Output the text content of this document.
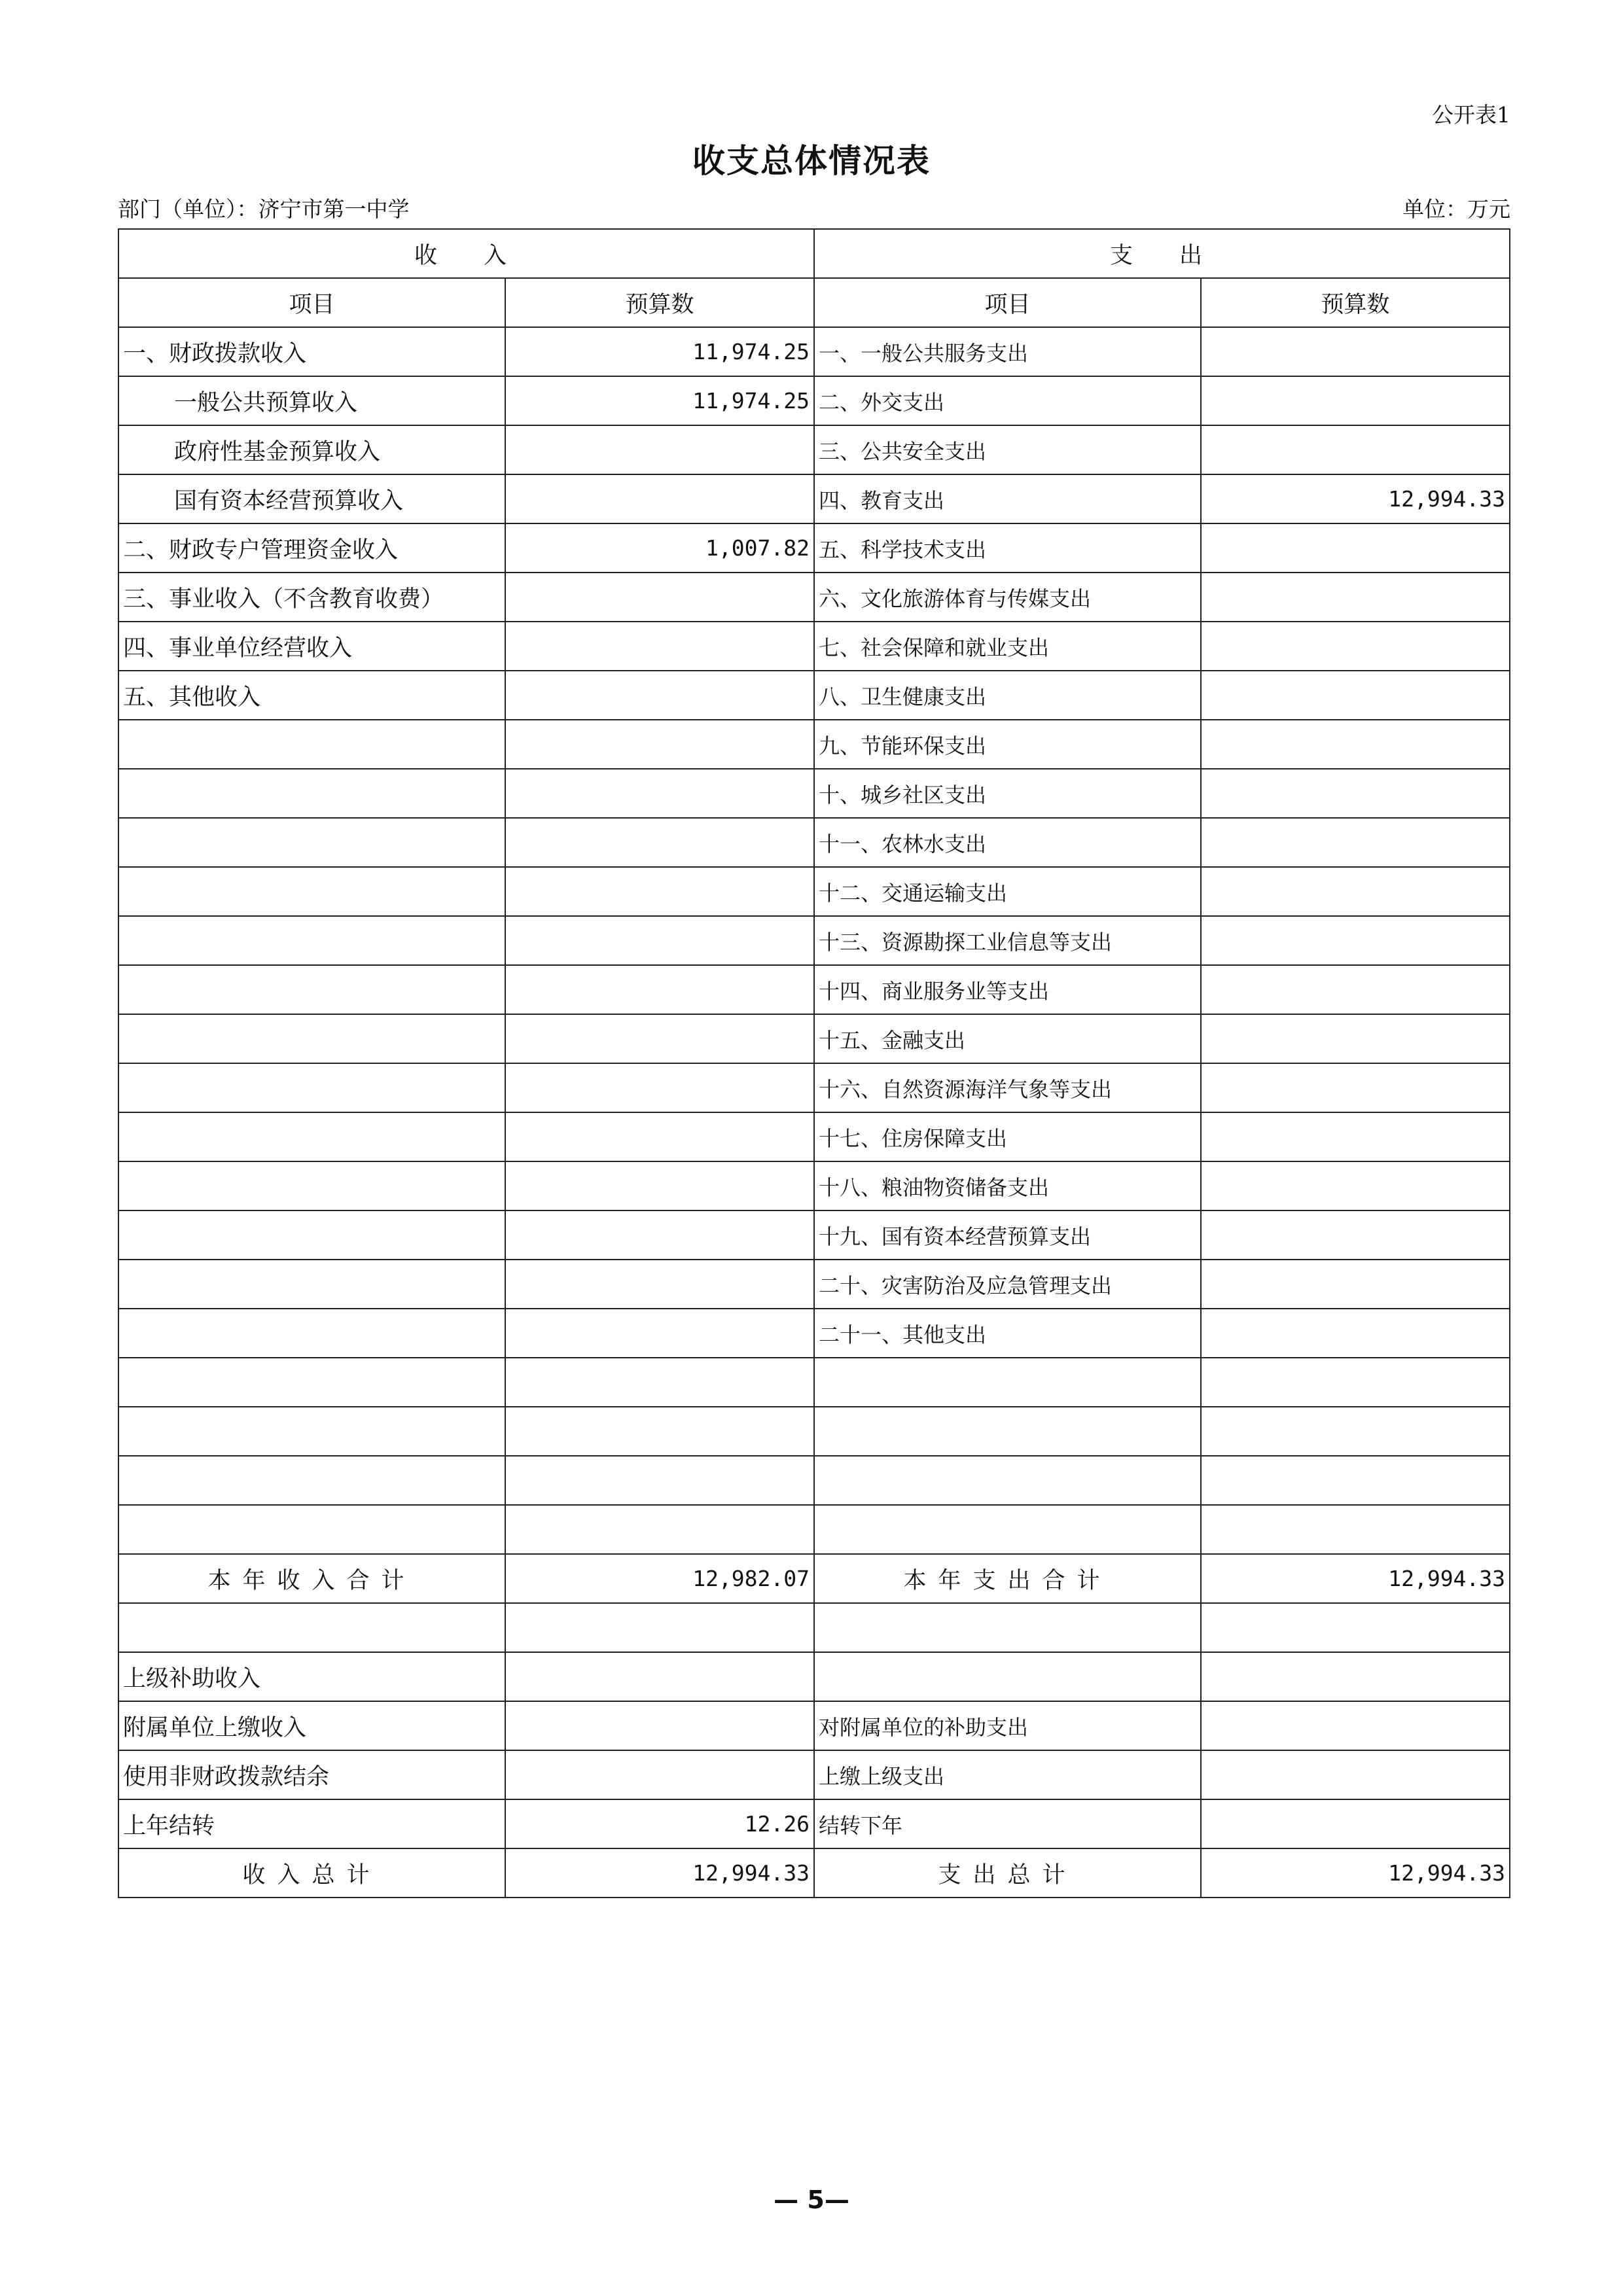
公开表1
收支总体情况表
部门（单位）：济宁市第一中学	单位：万元
收　入		支　出	
项目	预算数	项目	预算数
一、财政拨款收入	11,974.25	一、一般公共服务支出	
一般公共预算收入	11,974.25	二、外交支出	
政府性基金预算收入		三、公共安全支出	
国有资本经营预算收入		四、教育支出	12,994.33
二、财政专户管理资金收入	1,007.82	五、科学技术支出	
三、事业收入（不含教育收费）		六、文化旅游体育与传媒支出	
四、事业单位经营收入		七、社会保障和就业支出	
五、其他收入		八、卫生健康支出	
		九、节能环保支出	
		十、城乡社区支出	
		十一、农林水支出	
		十二、交通运输支出	
		十三、资源勘探工业信息等支出	
		十四、商业服务业等支出	
		十五、金融支出	
		十六、自然资源海洋气象等支出	
		十七、住房保障支出	
		十八、粮油物资储备支出	
		十九、国有资本经营预算支出	
		二十、灾害防治及应急管理支出	
		二十一、其他支出	

本年收入合计	12,982.07	本年支出合计	12,994.33

上级补助收入			
附属单位上缴收入		对附属单位的补助支出	
使用非财政拨款结余		上缴上级支出	
上年结转	12.26	结转下年	
收入总计	12,994.33	支出总计	12,994.33
— 5—
